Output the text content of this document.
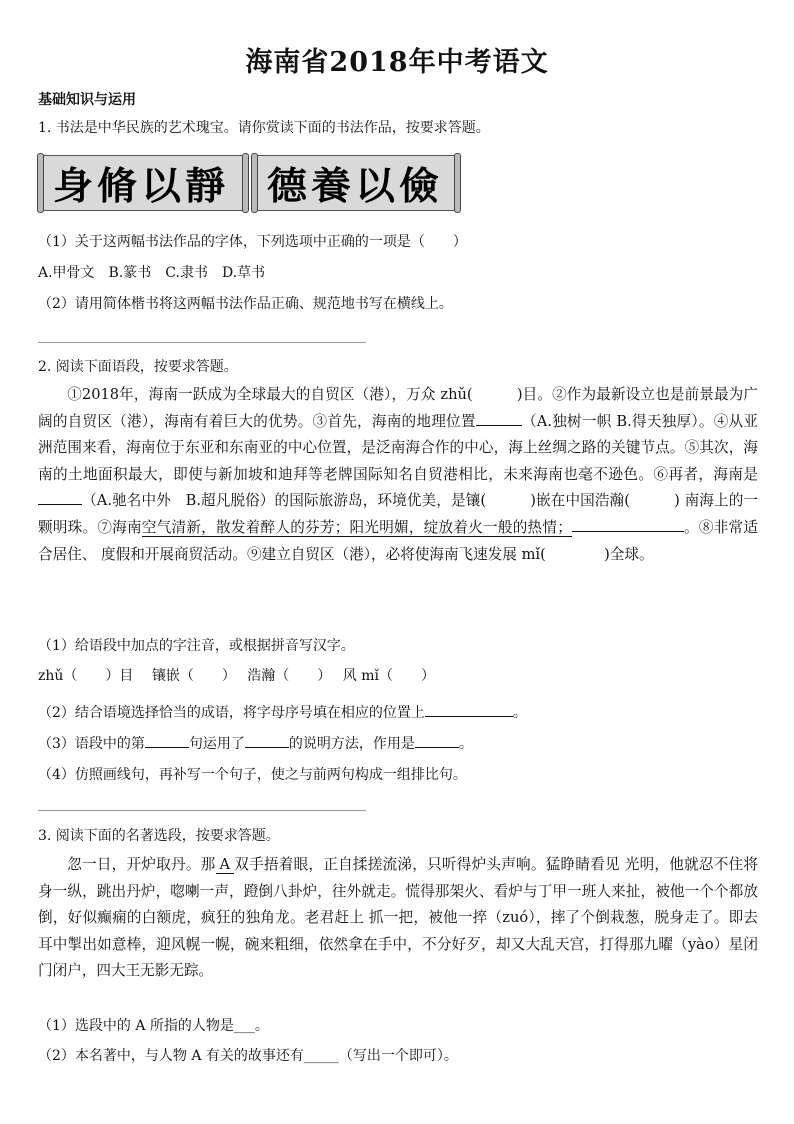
海南省2018年中考语文
基础知识与运用
1. 书法是中华民族的艺术瑰宝。请你赏读下面的书法作品，按要求答题。
身脩以靜 德養以儉
（1）关于这两幅书法作品的字体，下列选项中正确的一项是（　　）
A.甲骨文　B.篆书　C.隶书　D.草书
（2）请用简体楷书将这两幅书法作品正确、规范地书写在横线上。
2. 阅读下面语段，按要求答题。

①2018年，海南一跃成为全球最大的自贸区（港），万众 zhǔ(　　　)目。②作为最新设立也是前景最为广阔的自贸区（港），海南有着巨大的优势。③首先，海南的地理位置	（A.独树一帜 B.得天独厚）。④从亚洲范围来看，海南位于东亚和东南亚的中心位置，是泛南海合作的中心，海上丝绸之路的关键节点。⑤其次，海南的土地面积最大，即使与新加坡和迪拜等老牌国际知名自贸港相比，未来海南也毫不逊色。⑥再者，海南是（A.驰名中外　B.超凡脱俗）的国际旅游岛，环境优美，是镶(　　　)嵌在中国浩瀚(　　　) 南海上的一颗明珠。⑦海南空气清新，散发着醉人的芬芳；阳光明媚，绽放着火一般的热情；	。⑧非常适合居住、 度假和开展商贸活动。⑨建立自贸区（港），必将使海南飞速发展 mǐ(　　　　)全球。

（1）给语段中加点的字注音，或根据拼音写汉字。
zhǔ（　　）目　 镶嵌（　　）　 浩瀚（　　）　 风 mǐ（　　）
（2）结合语境选择恰当的成语，将字母序号填在相应的位置上	。
（3）语段中的第	句运用了	的说明方法，作用是	。
（4）仿照画线句，再补写一个句子，使之与前两句构成一组排比句。
3. 阅读下面的名著选段，按要求答题。

忽一日，开炉取丹。那 A 双手捂着眼，正自揉搓流涕，只听得炉头声响。猛睁睛看见 光明，他就忍不住将身一纵，跳出丹炉，唿喇一声，蹬倒八卦炉，往外就走。慌得那架火、看炉与丁甲一班人来扯，被他一个个都放倒，好似癫痫的白额虎，疯狂的独角龙。老君赶上 抓一把，被他一捽（zuó），摔了个倒栽葱，脱身走了。即去耳中掣出如意棒，迎风幌一幌，碗来粗细，依然拿在手中，不分好歹，却又大乱天宫，打得那九曜（yào）星闭门闭户，四大王无影无踪。

（1）选段中的 A 所指的人物是___。
（2）本名著中，与人物 A 有关的故事还有_____（写出一个即可）。
